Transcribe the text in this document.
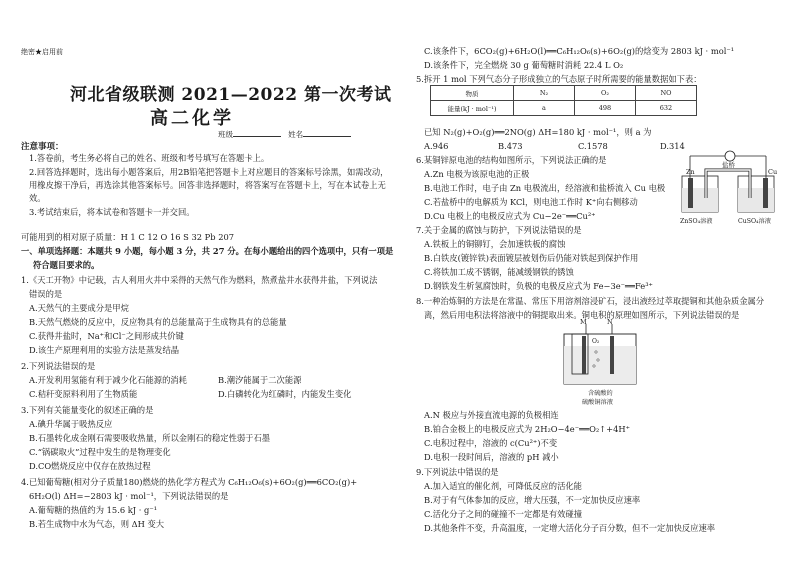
绝密★启用前
河北省级联测 2021—2022 第一次考试
高二化学
班级	姓名
注意事项：
1.答卷前，考生务必将自己的姓名、班级和考号填写在答题卡上。
2.回答选择题时，选出每小题答案后，用2B铅笔把答题卡上对应题目的答案标号涂黑，如需改动，用橡皮擦干净后，再选涂其他答案标号。回答非选择题时，将答案写在答题卡上，写在本试卷上无效。
3.考试结束后，将本试卷和答题卡一并交回。
可能用到的相对原子质量：H 1 C 12 O 16 S 32 Pb 207
一、单项选择题：本题共 9 小题，每小题 3 分，共 27 分。在每小题给出的四个选项中，只有一项是
符合题目要求的。
1.《天工开物》中记载，古人利用火井中采得的天然气作为燃料，熬煮盐井水获得井盐，下列说法
错误的是
A.天然气的主要成分是甲烷
B.天然气燃烧的反应中，反应物具有的总能量高于生成物具有的总能量
C.获得井盐时，Na⁺和Cl⁻之间形成共价键
D.该生产原理利用的实验方法是蒸发结晶
2.下列说法错误的是
A.开发利用氢能有利于减少化石能源的消耗	B.潮汐能属于二次能源
C.秸秆变原料利用了生物质能	D.白磷转化为红磷时，内能发生变化
3.下列有关能量变化的叙述正确的是
A.碘升华属于吸热反应
B.石墨转化成金刚石需要吸收热量，所以金刚石的稳定性弱于石墨
C.“锅碳取火”过程中发生的是物理变化
D.CO燃烧反应中仅存在放热过程
4.已知葡萄糖(相对分子质量180)燃烧的热化学方程式为 C₆H₁₂O₆(s)+6O₂(g)══6CO₂(g)+
6H₂O(l) ΔH=−2803 kJ · mol⁻¹，下列说法错误的是
A.葡萄糖的热值约为 15.6 kJ · g⁻¹
B.若生成物中水为气态，则 ΔH 变大
C.该条件下，6CO₂(g)+6H₂O(l)══C₆H₁₂O₆(s)+6O₂(g)的焓变为 2803 kJ · mol⁻¹
D.该条件下，完全燃烧 30 g 葡萄糖时消耗 22.4 L O₂
5.拆开 1 mol 下列气态分子形成独立的气态原子时所需要的能量数据如下表：
物质	N₂	O₂	NO
能量(kJ · mol⁻¹)	a	498	632
已知 N₂(g)+O₂(g)══2NO(g) ΔH=180 kJ · mol⁻¹，则 a 为
A.946	B.473	C.1578	D.314
6.某铜锌原电池的结构如图所示，下列说法正确的是
A.Zn 电极为该原电池的正极
B.电池工作时，电子由 Zn 电极流出，经溶液和盐桥流入 Cu 电极
C.若盐桥中的电解质为 KCl，则电池工作时 K⁺向右侧移动
D.Cu 电极上的电极反应式为 Cu−2e⁻══Cu²⁺
Zn	Cu
盐桥
ZnSO₄溶液	CuSO₄溶液
7.关于金属的腐蚀与防护，下列说法错误的是
A.铁板上的铜铆钉，会加速铁板的腐蚀
B.白铁皮(镀锌铁)表面镀层被划伤后仍能对铁起到保护作用
C.将铁加工成不锈钢，能减缓钢铁的锈蚀
D.钢铁发生析氢腐蚀时，负极的电极反应式为 Fe−3e⁻══Fe³⁺
8.一种治炼铜的方法是在常温、常压下用溶剂溶浸矿石，浸出液经过萃取提铜和其他杂质金属分
离，然后用电积法将溶液中的铜提取出来。铜电积的原理如图所示，下列说法错误的是
M	N
O₂
含硫酸的
硫酸铜溶液
A.N 极应与外接直流电源的负极相连
B.铂合金极上的电极反应式为 2H₂O−4e⁻══O₂↑+4H⁺
C.电积过程中，溶液的 c(Cu²⁺)不变
D.电积一段时间后，溶液的 pH 减小
9.下列说法中错误的是
A.加入适宜的催化剂，可降低反应的活化能
B.对于有气体参加的反应，增大压强，不一定加快反应速率
C.活化分子之间的碰撞不一定都是有效碰撞
D.其他条件不变，升高温度，一定增大活化分子百分数，但不一定加快反应速率
